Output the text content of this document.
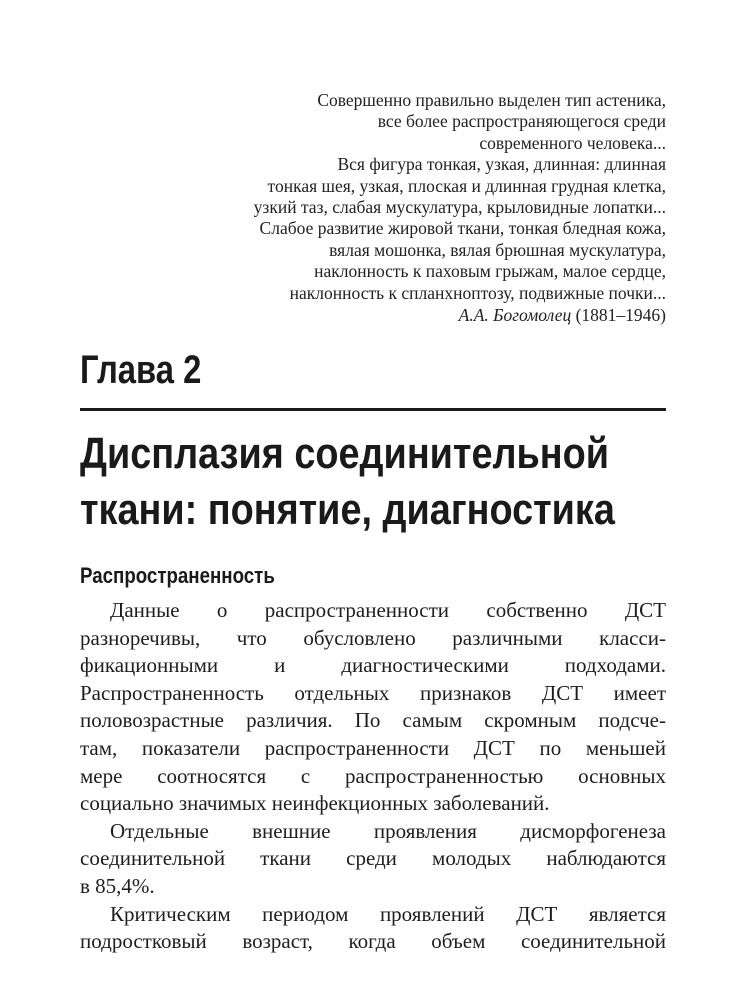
Совершенно правильно выделен тип астеника,
все более распространяющегося среди
современного человека...
Вся фигура тонкая, узкая, длинная: длинная
тонкая шея, узкая, плоская и длинная грудная клетка,
узкий таз, слабая мускулатура, крыловидные лопатки...
Слабое развитие жировой ткани, тонкая бледная кожа,
вялая мошонка, вялая брюшная мускулатура,
наклонность к паховым грыжам, малое сердце,
наклонность к спланхноптозу, подвижные почки...
А.А. Богомолец (1881–1946)
Глава 2
Дисплазия соединительной
ткани: понятие, диагностика
Распространенность
Данные о распространенности собственно ДСТ
разноречивы, что обусловлено различными класси-
фикационными и диагностическими подходами.
Распространенность отдельных признаков ДСТ имеет
половозрастные различия. По самым скромным подсче-
там, показатели распространенности ДСТ по меньшей
мере соотносятся с распространенностью основных
социально значимых неинфекционных заболеваний.
Отдельные внешние проявления дисморфогенеза
соединительной ткани среди молодых наблюдаются
в 85,4%.
Критическим периодом проявлений ДСТ является
подростковый возраст, когда объем соединительной
